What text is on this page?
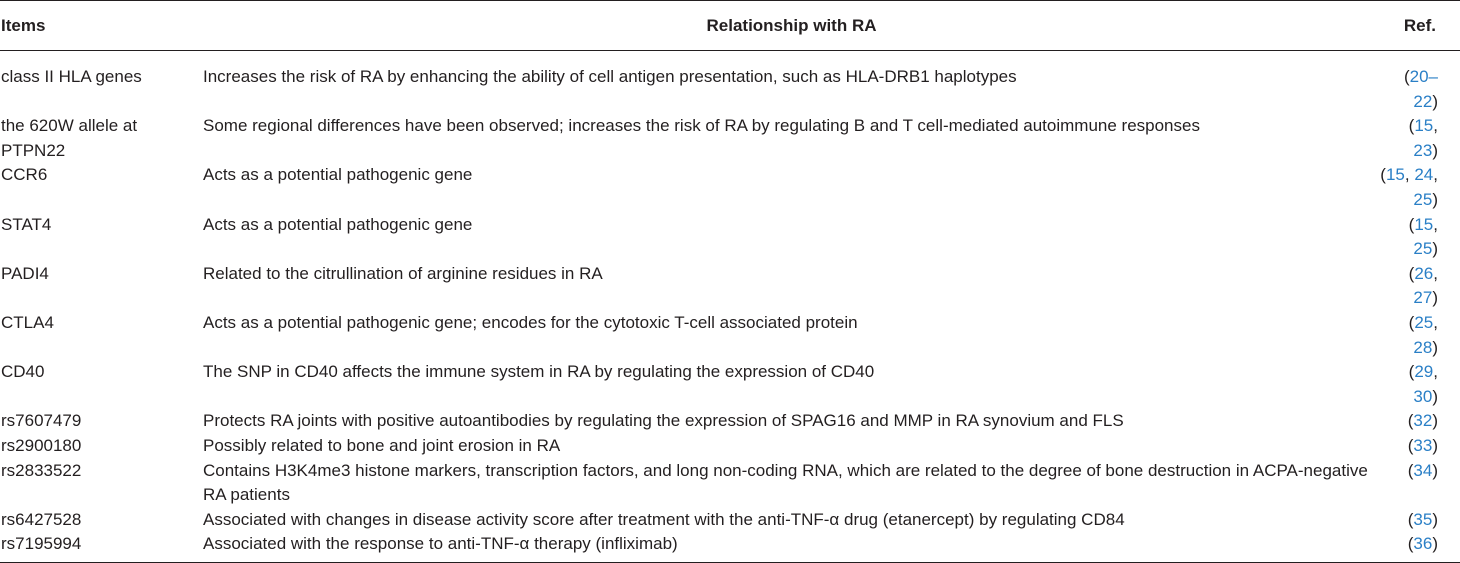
Items	Relationship with RA	Ref.
class II HLA genes	Increases the risk of RA by enhancing the ability of cell antigen presentation, such as HLA-DRB1 haplotypes	(20–22)
the 620W allele at PTPN22	Some regional differences have been observed; increases the risk of RA by regulating B and T cell-mediated autoimmune responses	(15, 23)
CCR6	Acts as a potential pathogenic gene	(15, 24, 25)
STAT4	Acts as a potential pathogenic gene	(15, 25)
PADI4	Related to the citrullination of arginine residues in RA	(26, 27)
CTLA4	Acts as a potential pathogenic gene; encodes for the cytotoxic T-cell associated protein	(25, 28)
CD40	The SNP in CD40 affects the immune system in RA by regulating the expression of CD40	(29, 30)
rs7607479	Protects RA joints with positive autoantibodies by regulating the expression of SPAG16 and MMP in RA synovium and FLS	(32)
rs2900180	Possibly related to bone and joint erosion in RA	(33)
rs2833522	Contains H3K4me3 histone markers, transcription factors, and long non-coding RNA, which are related to the degree of bone destruction in ACPA-negative RA patients	(34)
rs6427528	Associated with changes in disease activity score after treatment with the anti-TNF-α drug (etanercept) by regulating CD84	(35)
rs7195994	Associated with the response to anti-TNF-α therapy (infliximab)	(36)
